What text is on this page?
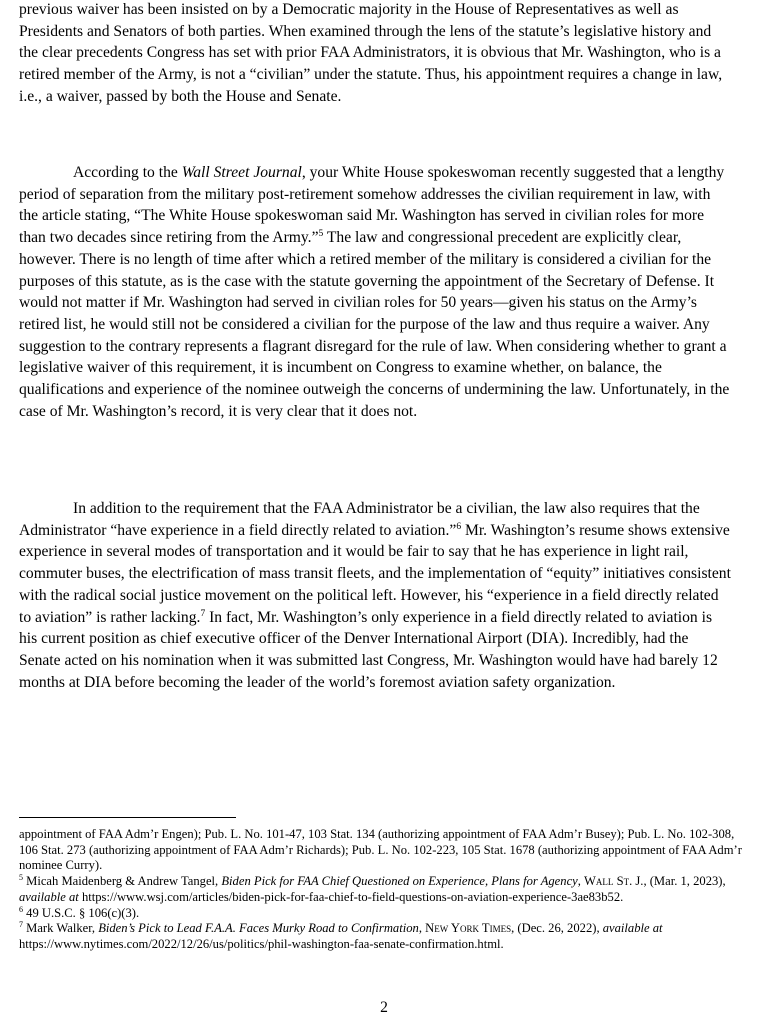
previous waiver has been insisted on by a Democratic majority in the House of Representatives as well as Presidents and Senators of both parties. When examined through the lens of the statute’s legislative history and the clear precedents Congress has set with prior FAA Administrators, it is obvious that Mr. Washington, who is a retired member of the Army, is not a “civilian” under the statute. Thus, his appointment requires a change in law, i.e., a waiver, passed by both the House and Senate.

According to the Wall Street Journal, your White House spokeswoman recently suggested that a lengthy period of separation from the military post-retirement somehow addresses the civilian requirement in law, with the article stating, “The White House spokeswoman said Mr. Washington has served in civilian roles for more than two decades since retiring from the Army.”$^5$ The law and congressional precedent are explicitly clear, however. There is no length of time after which a retired member of the military is considered a civilian for the purposes of this statute, as is the case with the statute governing the appointment of the Secretary of Defense. It would not matter if Mr. Washington had served in civilian roles for 50 years—given his status on the Army’s retired list, he would still not be considered a civilian for the purpose of the law and thus require a waiver. Any suggestion to the contrary represents a flagrant disregard for the rule of law. When considering whether to grant a legislative waiver of this requirement, it is incumbent on Congress to examine whether, on balance, the qualifications and experience of the nominee outweigh the concerns of undermining the law. Unfortunately, in the case of Mr. Washington’s record, it is very clear that it does not.

In addition to the requirement that the FAA Administrator be a civilian, the law also requires that the Administrator “have experience in a field directly related to aviation.”$^6$ Mr. Washington’s resume shows extensive experience in several modes of transportation and it would be fair to say that he has experience in light rail, commuter buses, the electrification of mass transit fleets, and the implementation of “equity” initiatives consistent with the radical social justice movement on the political left. However, his “experience in a field directly related to aviation” is rather lacking.$^7$ In fact, Mr. Washington’s only experience in a field directly related to aviation is his current position as chief executive officer of the Denver International Airport (DIA). Incredibly, had the Senate acted on his nomination when it was submitted last Congress, Mr. Washington would have had barely 12 months at DIA before becoming the leader of the world’s foremost aviation safety organization.

appointment of FAA Adm’r Engen); Pub. L. No. 101-47, 103 Stat. 134 (authorizing appointment of FAA Adm’r Busey); Pub. L. No. 102-308, 106 Stat. 273 (authorizing appointment of FAA Adm’r Richards); Pub. L. No. 102-223, 105 Stat. 1678 (authorizing appointment of FAA Adm’r nominee Curry).

$^5$ Micah Maidenberg & Andrew Tangel, Biden Pick for FAA Chief Questioned on Experience, Plans for Agency, Wall St. J., (Mar. 1, 2023), available at https://www.wsj.com/articles/biden-pick-for-faa-chief-to-field-questions-on-aviation-experience-3ae83b52.

$^6$ 49 U.S.C. § 106(c)(3).

$^7$ Mark Walker, Biden’s Pick to Lead F.A.A. Faces Murky Road to Confirmation, New York Times, (Dec. 26, 2022), available at https://www.nytimes.com/2022/12/26/us/politics/phil-washington-faa-senate-confirmation.html.

2
